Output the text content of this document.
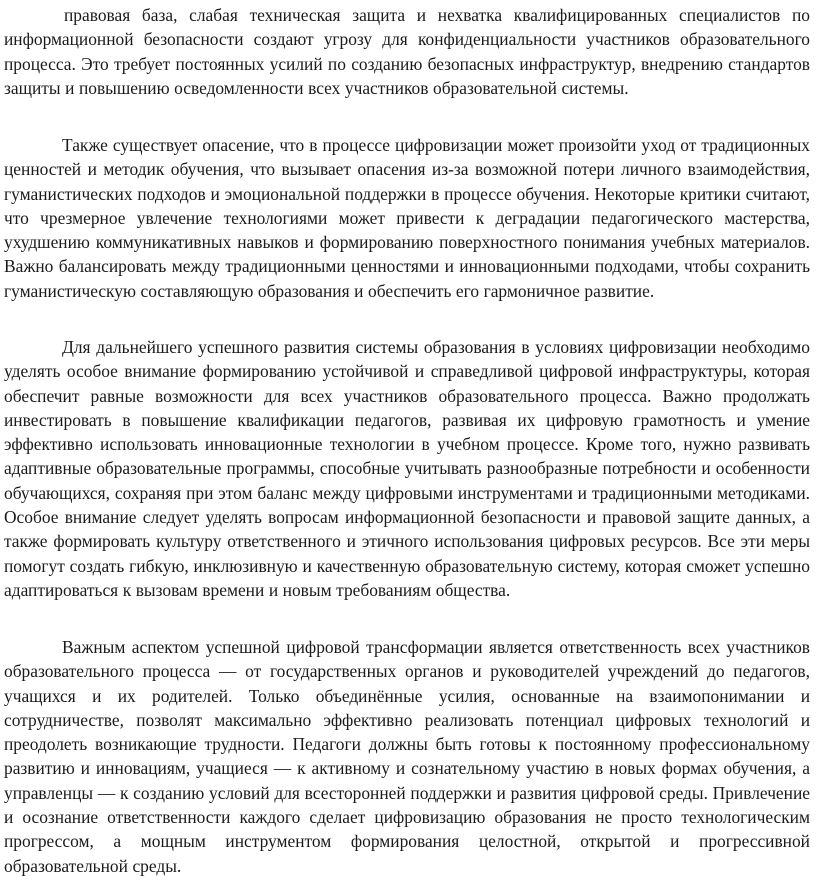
правовая база, слабая техническая защита и нехватка квалифицированных специалистов по информационной безопасности создают угрозу для конфиденциальности участников образовательного процесса. Это требует постоянных усилий по созданию безопасных инфраструктур, внедрению стандартов защиты и повышению осведомленности всех участников образовательной системы.

Также существует опасение, что в процессе цифровизации может произойти уход от традиционных ценностей и методик обучения, что вызывает опасения из-за возможной потери личного взаимодействия, гуманистических подходов и эмоциональной поддержки в процессе обучения. Некоторые критики считают, что чрезмерное увлечение технологиями может привести к деградации педагогического мастерства, ухудшению коммуникативных навыков и формированию поверхностного понимания учебных материалов. Важно балансировать между традиционными ценностями и инновационными подходами, чтобы сохранить гуманистическую составляющую образования и обеспечить его гармоничное развитие.

Для дальнейшего успешного развития системы образования в условиях цифровизации необходимо уделять особое внимание формированию устойчивой и справедливой цифровой инфраструктуры, которая обеспечит равные возможности для всех участников образовательного процесса. Важно продолжать инвестировать в повышение квалификации педагогов, развивая их цифровую грамотность и умение эффективно использовать инновационные технологии в учебном процессе. Кроме того, нужно развивать адаптивные образовательные программы, способные учитывать разнообразные потребности и особенности обучающихся, сохраняя при этом баланс между цифровыми инструментами и традиционными методиками. Особое внимание следует уделять вопросам информационной безопасности и правовой защите данных, а также формировать культуру ответственного и этичного использования цифровых ресурсов. Все эти меры помогут создать гибкую, инклюзивную и качественную образовательную систему, которая сможет успешно адаптироваться к вызовам времени и новым требованиям общества.

Важным аспектом успешной цифровой трансформации является ответственность всех участников образовательного процесса — от государственных органов и руководителей учреждений до педагогов, учащихся и их родителей. Только объединённые усилия, основанные на взаимопонимании и сотрудничестве, позволят максимально эффективно реализовать потенциал цифровых технологий и преодолеть возникающие трудности. Педагоги должны быть готовы к постоянному профессиональному развитию и инновациям, учащиеся — к активному и сознательному участию в новых формах обучения, а управленцы — к созданию условий для всесторонней поддержки и развития цифровой среды. Привлечение и осознание ответственности каждого сделает цифровизацию образования не просто технологическим прогрессом, а мощным инструментом формирования целостной, открытой и прогрессивной образовательной среды.
